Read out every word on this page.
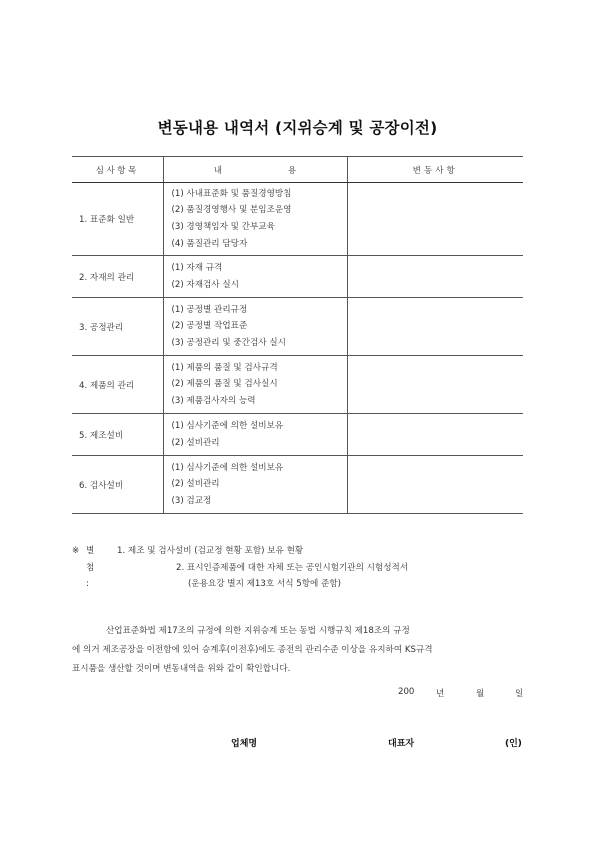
변동내용 내역서 (지위승계 및 공장이전)
심사항목	내 용	변동사항
1. 표준화 일반	(1) 사내표준화 및 품질경영방침
(2) 품질경영행사 및 분임조운영
(3) 경영책임자 및 간부교육
(4) 품질관리 담당자	

2. 자재의 관리	(1) 자재 규격
(2) 자재검사 실시	

3. 공정관리	(1) 공정별 관리규정
(2) 공정별 작업표준
(3) 공정관리 및 중간검사 실시	

4. 제품의 관리	(1) 제품의 품질 및 검사규격
(2) 제품의 품질 및 검사실시
(3) 제품검사자의 능력	

5. 제조설비	(1) 심사기준에 의한 설비보유
(2) 설비관리	

6. 검사설비	(1) 심사기준에 의한 설비보유
(2) 설비관리
(3) 검교정	

※ 별첨 :
1. 제조 및 검사설비 (검교정 현황 포함) 보유 현황
2. 표시인증제품에 대한 자체 또는 공인시험기관의 시험성적서
(운용요강 별지 제13호 서식 5항에 준함)
산업표준화법 제17조의 규정에 의한 지위승계 또는 동법 시행규칙 제18조의 규정
에 의거 제조공장을 이전함에 있어 승계후(이전후)에도 종전의 관리수준 이상을 유지하여 KS규격
표시품을 생산할 것이며 변동내역을 위와 같이 확인합니다.
200	년	월	일
업체명	대표자	(인)
